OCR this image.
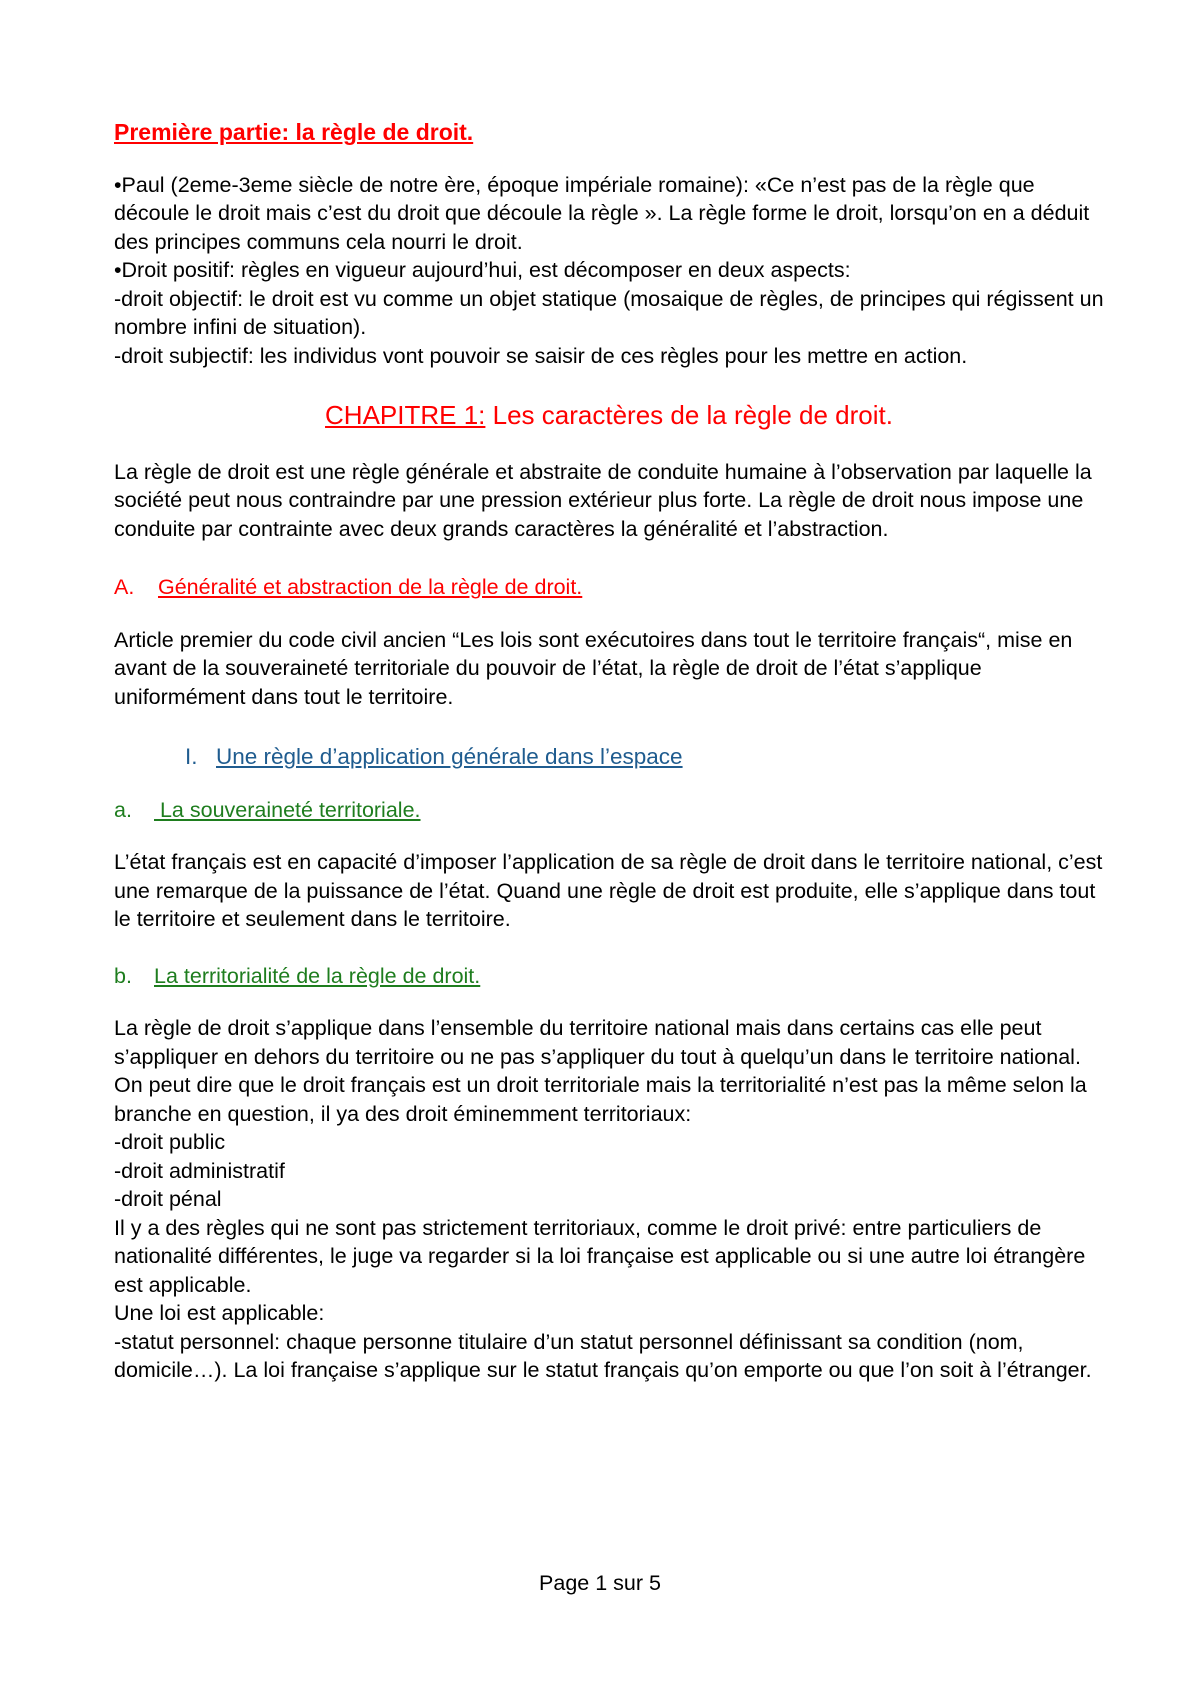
Première partie: la règle de droit.

•Paul (2eme-3eme siècle de notre ère, époque impériale romaine): «Ce n’est pas de la règle que découle le droit mais c’est du droit que découle la règle ». La règle forme le droit, lorsqu’on en a déduit des principes communs cela nourri le droit.

•Droit positif: règles en vigueur aujourd’hui, est décomposer en deux aspects:

-droit objectif: le droit est vu comme un objet statique (mosaique de règles, de principes qui régissent un nombre infini de situation).

-droit subjectif: les individus vont pouvoir se saisir de ces règles pour les mettre en action.

CHAPITRE 1: Les caractères de la règle de droit.

La règle de droit est une règle générale et abstraite de conduite humaine à l’observation par laquelle la société peut nous contraindre par une pression extérieur plus forte. La règle de droit nous impose une conduite par contrainte avec deux grands caractères la généralité et l’abstraction.

A. Généralité et abstraction de la règle de droit.

Article premier du code civil ancien “Les lois sont exécutoires dans tout le territoire français“, mise en avant de la souveraineté territoriale du pouvoir de l’état, la règle de droit de l’état s’applique uniformément dans tout le territoire.

I. Une règle d’application générale dans l’espace
a. La souveraineté territoriale.

L’état français est en capacité d’imposer l’application de sa règle de droit dans le territoire national, c’est une remarque de la puissance de l’état. Quand une règle de droit est produite, elle s’applique dans tout le territoire et seulement dans le territoire.

b. La territorialité de la règle de droit.

La règle de droit s’applique dans l’ensemble du territoire national mais dans certains cas elle peut s’appliquer en dehors du territoire ou ne pas s’appliquer du tout à quelqu’un dans le territoire national.

On peut dire que le droit français est un droit territoriale mais la territorialité n’est pas la même selon la branche en question, il ya des droit éminemment territoriaux:

-droit public

-droit administratif

-droit pénal

Il y a des règles qui ne sont pas strictement territoriaux, comme le droit privé: entre particuliers de nationalité différentes, le juge va regarder si la loi française est applicable ou si une autre loi étrangère est applicable.

Une loi est applicable:

-statut personnel: chaque personne titulaire d’un statut personnel définissant sa condition (nom, domicile…). La loi française s’applique sur le statut français qu’on emporte ou que l’on soit à l’étranger.

Page 1 sur 5
